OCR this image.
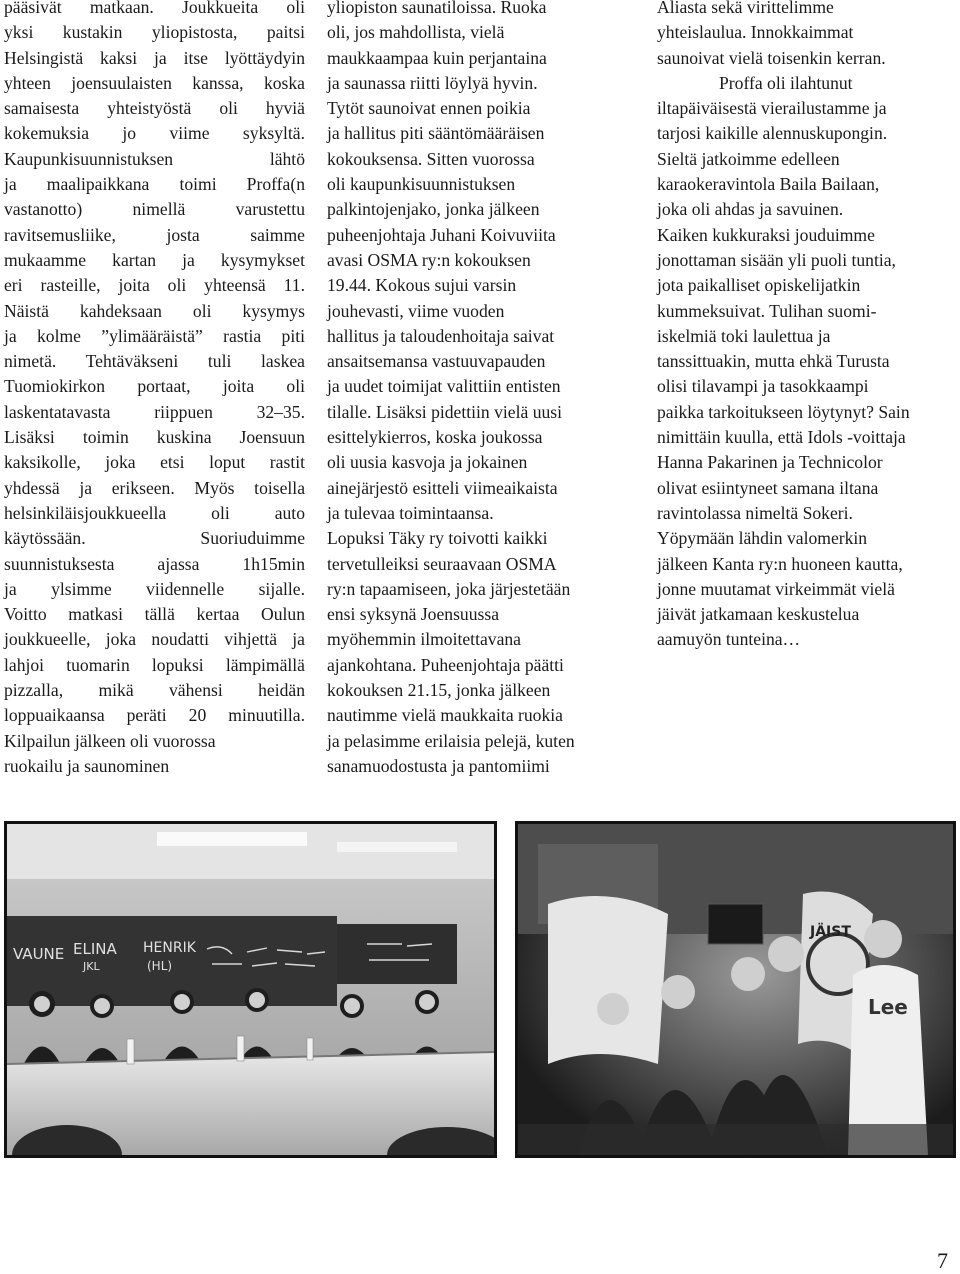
pääsivät matkaan. Joukkueita oli
yksi kustakin yliopistosta, paitsi
Helsingistä kaksi ja itse lyöttäydyin
yhteen joensuulaisten kanssa, koska
samaisesta yhteistyöstä oli hyviä
kokemuksia jo viime syksyltä.
Kaupunkisuunnistuksen lähtö
ja maalipaikkana toimi Proffa(n
vastanotto) nimellä varustettu
ravitsemusliike, josta saimme
mukaamme kartan ja kysymykset
eri rasteille, joita oli yhteensä 11.
Näistä kahdeksaan oli kysymys
ja kolme ”ylimääräistä” rastia piti
nimetä. Tehtäväkseni tuli laskea
Tuomiokirkon portaat, joita oli
laskentatavasta riippuen 32–35.
Lisäksi toimin kuskina Joensuun
kaksikolle, joka etsi loput rastit
yhdessä ja erikseen. Myös toisella
helsinkiläisjoukkueella oli auto
käytössään. Suoriuduimme
suunnistuksesta ajassa 1h15min
ja ylsimme viidennelle sijalle.
Voitto matkasi tällä kertaa Oulun
joukkueelle, joka noudatti vihjettä ja
lahjoi tuomarin lopuksi lämpimällä
pizzalla, mikä vähensi heidän
loppuaikaansa peräti 20 minuutilla.
Kilpailun jälkeen oli vuorossa
ruokailu ja saunominen
yliopiston saunatiloissa. Ruoka
oli, jos mahdollista, vielä
maukkaampaa kuin perjantaina
ja saunassa riitti löylyä hyvin.
Tytöt saunoivat ennen poikia
ja hallitus piti sääntömääräisen
kokouksensa. Sitten vuorossa
oli kaupunkisuunnistuksen
palkintojenjako, jonka jälkeen
puheenjohtaja Juhani Koivuviita
avasi OSMA ry:n kokouksen
19.44. Kokous sujui varsin
jouhevasti, viime vuoden
hallitus ja taloudenhoitaja saivat
ansaitsemansa vastuuvapauden
ja uudet toimijat valittiin entisten
tilalle. Lisäksi pidettiin vielä uusi
esittelykierros, koska joukossa
oli uusia kasvoja ja jokainen
ainejärjestö esitteli viimeaikaista
ja tulevaa toimintaansa.
Lopuksi Täky ry toivotti kaikki
tervetulleiksi seuraavaan OSMA
ry:n tapaamiseen, joka järjestetään
ensi syksynä Joensuussa
myöhemmin ilmoitettavana
ajankohtana. Puheenjohtaja päätti
kokouksen 21.15, jonka jälkeen
nautimme vielä maukkaita ruokia
ja pelasimme erilaisia pelejä, kuten
sanamuodostusta ja pantomiimi
Aliasta sekä virittelimme
yhteislaulua. Innokkaimmat
saunoivat vielä toisenkin kerran.
Proffa oli ilahtunut
iltapäiväisestä vierailustamme ja
tarjosi kaikille alennuskupongin.
Sieltä jatkoimme edelleen
karaokeravintola Baila Bailaan,
joka oli ahdas ja savuinen.
Kaiken kukkuraksi jouduimme
jonottaman sisään yli puoli tuntia,
jota paikalliset opiskelijatkin
kummeksuivat. Tulihan suomi-
iskelmiä toki laulettua ja
tanssittuakin, mutta ehkä Turusta
olisi tilavampi ja tasokkaampi
paikka tarkoitukseen löytynyt? Sain
nimittäin kuulla, että Idols -voittaja
Hanna Pakarinen ja Technicolor
olivat esiintyneet samana iltana
ravintolassa nimeltä Sokeri.
Yöpymään lähdin valomerkin
jälkeen Kanta ry:n huoneen kautta,
jonne muutamat virkeimmät vielä
jäivät jatkamaan keskustelua
aamuyön tunteina…
VAUNE ELINA
JKL
HENRIK
(HL)
JÄIST
Lee
7
